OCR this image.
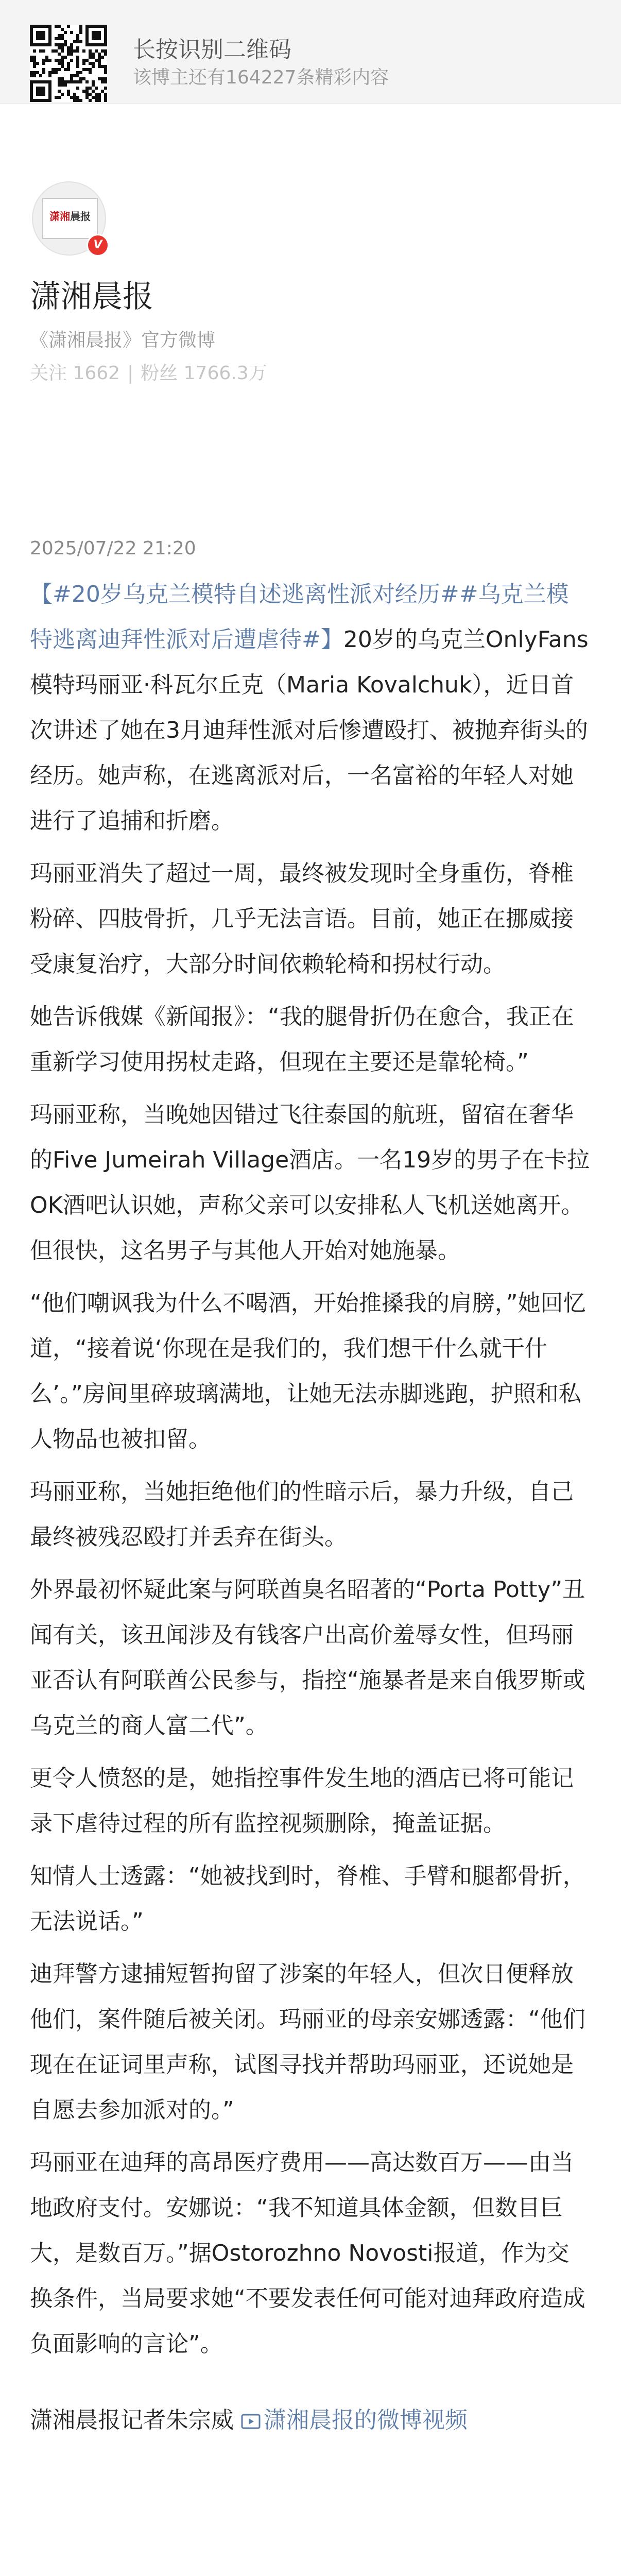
长按识别二维码
该博主还有164227条精彩内容
潇湘晨报
V
潇湘晨报
《潇湘晨报》官方微博
关注 1662 | 粉丝 1766.3万
2025/07/22 21:20

【#20岁乌克兰模特自述逃离性派对经历##乌克兰模特逃离迪拜性派对后遭虐待#】20岁的乌克兰OnlyFans模特玛丽亚·科瓦尔丘克（Maria Kovalchuk），近日首次讲述了她在3月迪拜性派对后惨遭殴打、被抛弃街头的经历。她声称，在逃离派对后，一名富裕的年轻人对她进行了追捕和折磨。

玛丽亚消失了超过一周，最终被发现时全身重伤，脊椎粉碎、四肢骨折，几乎无法言语。目前，她正在挪威接受康复治疗，大部分时间依赖轮椅和拐杖行动。

她告诉俄媒《新闻报》：“我的腿骨折仍在愈合，我正在重新学习使用拐杖走路，但现在主要还是靠轮椅。”

玛丽亚称，当晚她因错过飞往泰国的航班，留宿在奢华的Five Jumeirah Village酒店。一名19岁的男子在卡拉OK酒吧认识她，声称父亲可以安排私人飞机送她离开。但很快，这名男子与其他人开始对她施暴。

“他们嘲讽我为什么不喝酒，开始推搡我的肩膀，”她回忆道，“接着说‘你现在是我们的，我们想干什么就干什么’。”房间里碎玻璃满地，让她无法赤脚逃跑，护照和私人物品也被扣留。

玛丽亚称，当她拒绝他们的性暗示后，暴力升级，自己最终被残忍殴打并丢弃在街头。

外界最初怀疑此案与阿联酋臭名昭著的“Porta Potty”丑闻有关，该丑闻涉及有钱客户出高价羞辱女性，但玛丽亚否认有阿联酋公民参与，指控“施暴者是来自俄罗斯或乌克兰的商人富二代”。

更令人愤怒的是，她指控事件发生地的酒店已将可能记录下虐待过程的所有监控视频删除，掩盖证据。

知情人士透露：“她被找到时，脊椎、手臂和腿都骨折，无法说话。”

迪拜警方逮捕短暂拘留了涉案的年轻人，但次日便释放他们，案件随后被关闭。玛丽亚的母亲安娜透露：“他们现在在证词里声称，试图寻找并帮助玛丽亚，还说她是自愿去参加派对的。”

玛丽亚在迪拜的高昂医疗费用——高达数百万——由当地政府支付。安娜说：“我不知道具体金额，但数目巨大，是数百万。”据Ostorozhno Novosti报道，作为交换条件，当局要求她“不要发表任何可能对迪拜政府造成负面影响的言论”。

潇湘晨报记者朱宗威 潇湘晨报的微博视频
